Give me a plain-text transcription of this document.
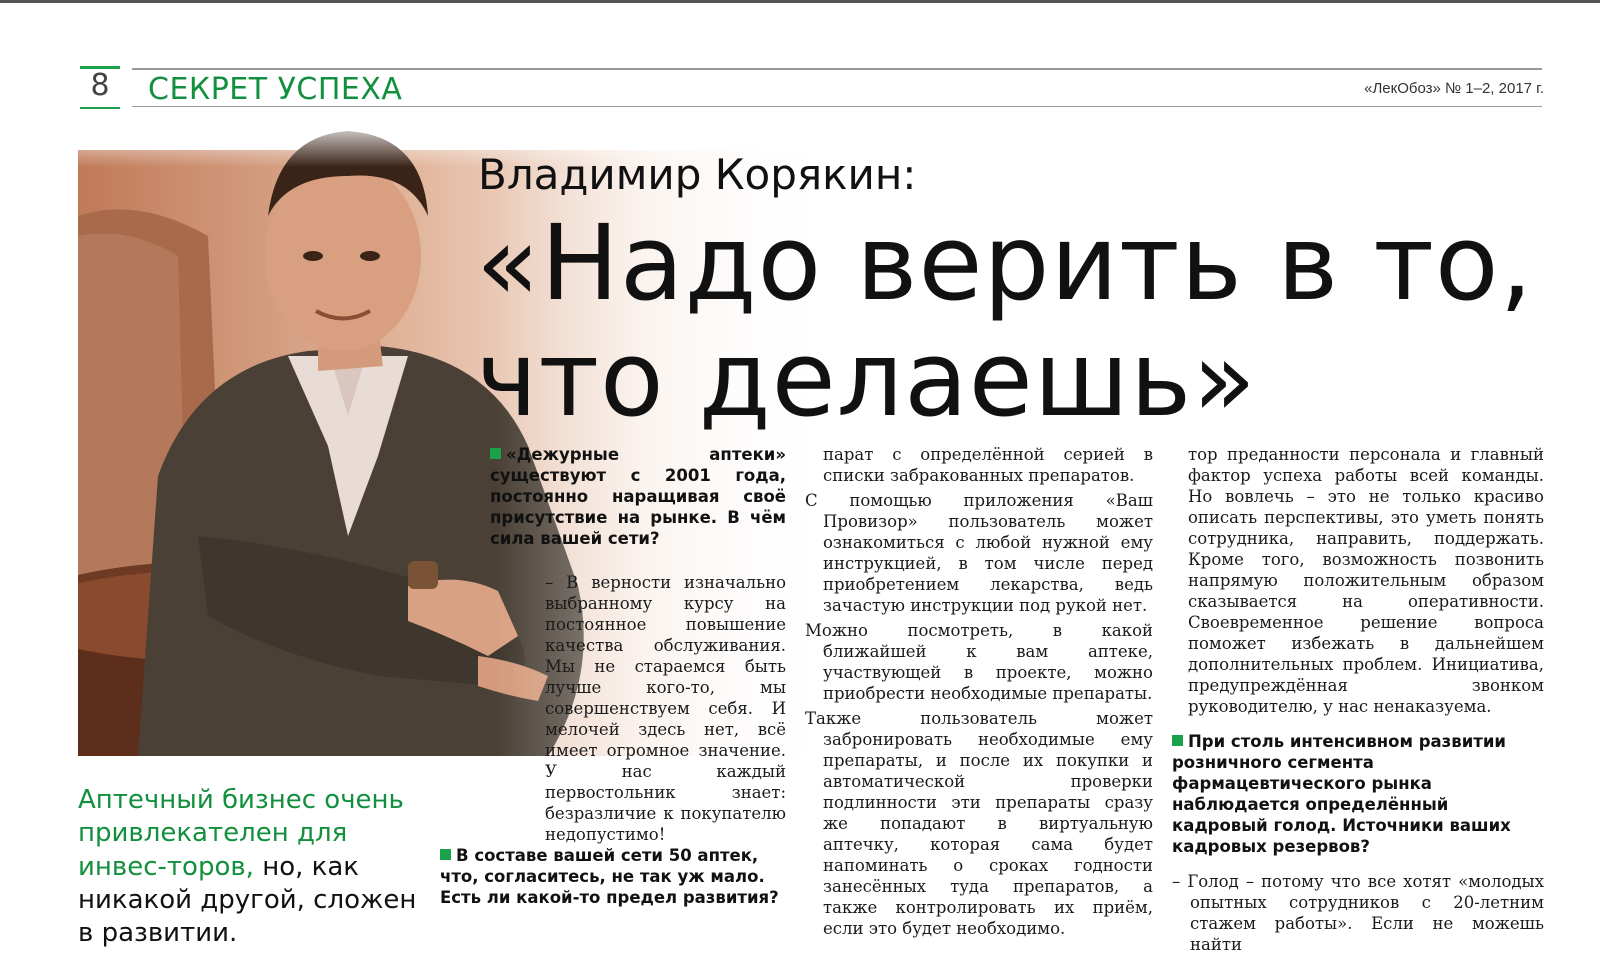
8	СЕКРЕТ УСПЕХА	«ЛекОбоз» № 1–2, 2017 г.
Владимир Корякин:
«Надо верить в то,
что делаешь»
Аптечный бизнес очень привлекателен для инвес-торов, но, как никакой другой, сложен в развитии.

«Дежурные аптеки» существуют с 2001 года, постоянно наращивая своё присутствие на рынке. В чём сила вашей сети?

– В верности изначально выбранному курсу на постоянное повышение качества обслуживания. Мы не стараемся быть лучше кого-то, мы совершенствуем себя. И мелочей здесь нет, всё имеет огромное значение. У нас каждый первостольник знает: безразличие к покупателю недопустимо!

В составе вашей сети 50 аптек, что, согласитесь, не так уж мало. Есть ли какой-то предел развития?

парат с определённой серией в списки забракованных препаратов.

С помощью приложения «Ваш Провизор» пользователь может ознакомиться с любой нужной ему инструкцией, в том числе перед приобретением лекарства, ведь зачастую инструкции под рукой нет.

Можно посмотреть, в какой ближайшей к вам аптеке, участвующей в проекте, можно приобрести необходимые препараты.

Также пользователь может забронировать необходимые ему препараты, и после их покупки и автоматической проверки подлинности эти препараты сразу же попадают в виртуальную аптечку, которая сама будет напоминать о сроках годности занесённых туда препаратов, а также контролировать их приём, если это будет необходимо.

тор преданности персонала и главный фактор успеха работы всей команды. Но вовлечь – это не только красиво описать перспективы, это уметь понять сотрудника, направить, поддержать. Кроме того, возможность позвонить напрямую положительным образом сказывается на оперативности. Своевременное решение вопроса поможет избежать в дальнейшем дополнительных проблем. Инициатива, предупреждённая звонком руководителю, у нас ненаказуема.

При столь интенсивном развитии розничного сегмента фармацевтического рынка наблюдается определённый кадровый голод. Источники ваших кадровых резервов?

– Голод – потому что все хотят «молодых опытных сотрудников с 20-летним стажем работы». Если не можешь найти
